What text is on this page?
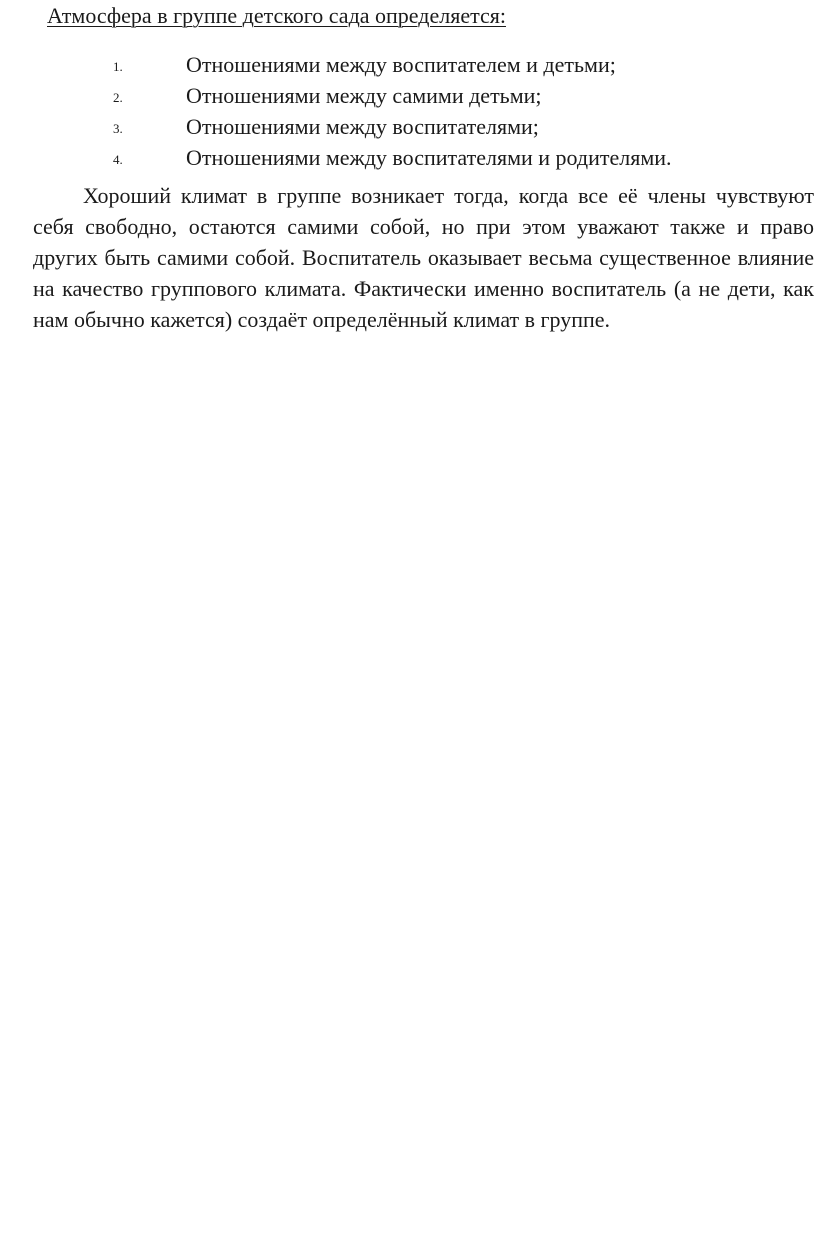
Атмосфера в группе детского сада определяется:
1.	Отношениями между воспитателем и детьми;
2.	Отношениями между самими детьми;
3.	Отношениями между воспитателями;
4.	Отношениями между воспитателями и родителями.

Хороший климат в группе возникает тогда, когда все её члены чувствуют себя свободно, остаются самими собой, но при этом уважают также и право других быть самими собой. Воспитатель оказывает весьма существенное влияние на качество группового климата. Фактически именно воспитатель (а не дети, как нам обычно кажется) создаёт определённый климат в группе.
